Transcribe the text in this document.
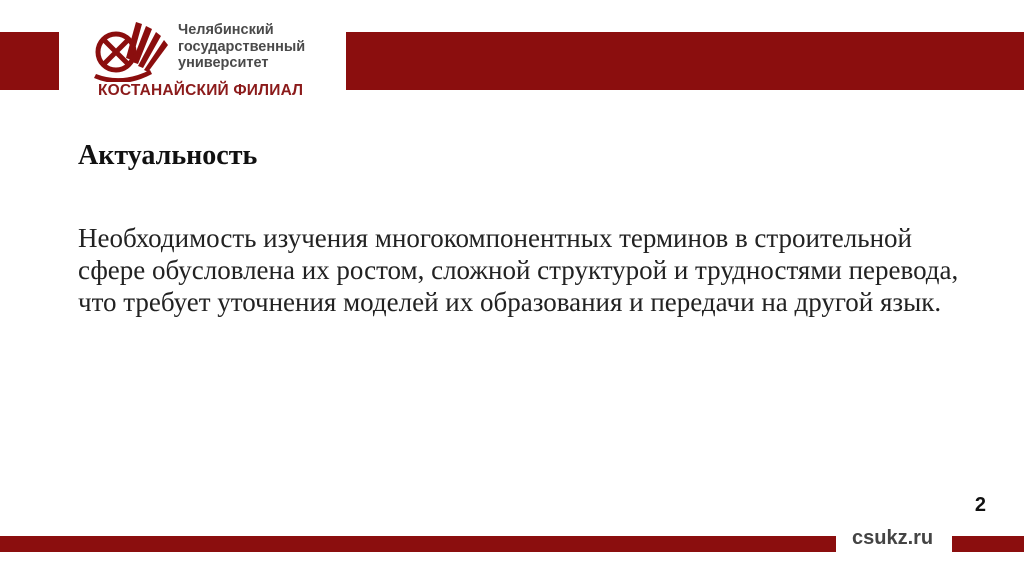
Челябинский
государственный
университет
КОСТАНАЙСКИЙ ФИЛИАЛ
Актуальность
Необходимость изучения многокомпонентных терминов в строительной сфере обусловлена их ростом, сложной структурой и трудностями перевода, что требует уточнения моделей их образования и передачи на другой язык.
2
csukz.ru
